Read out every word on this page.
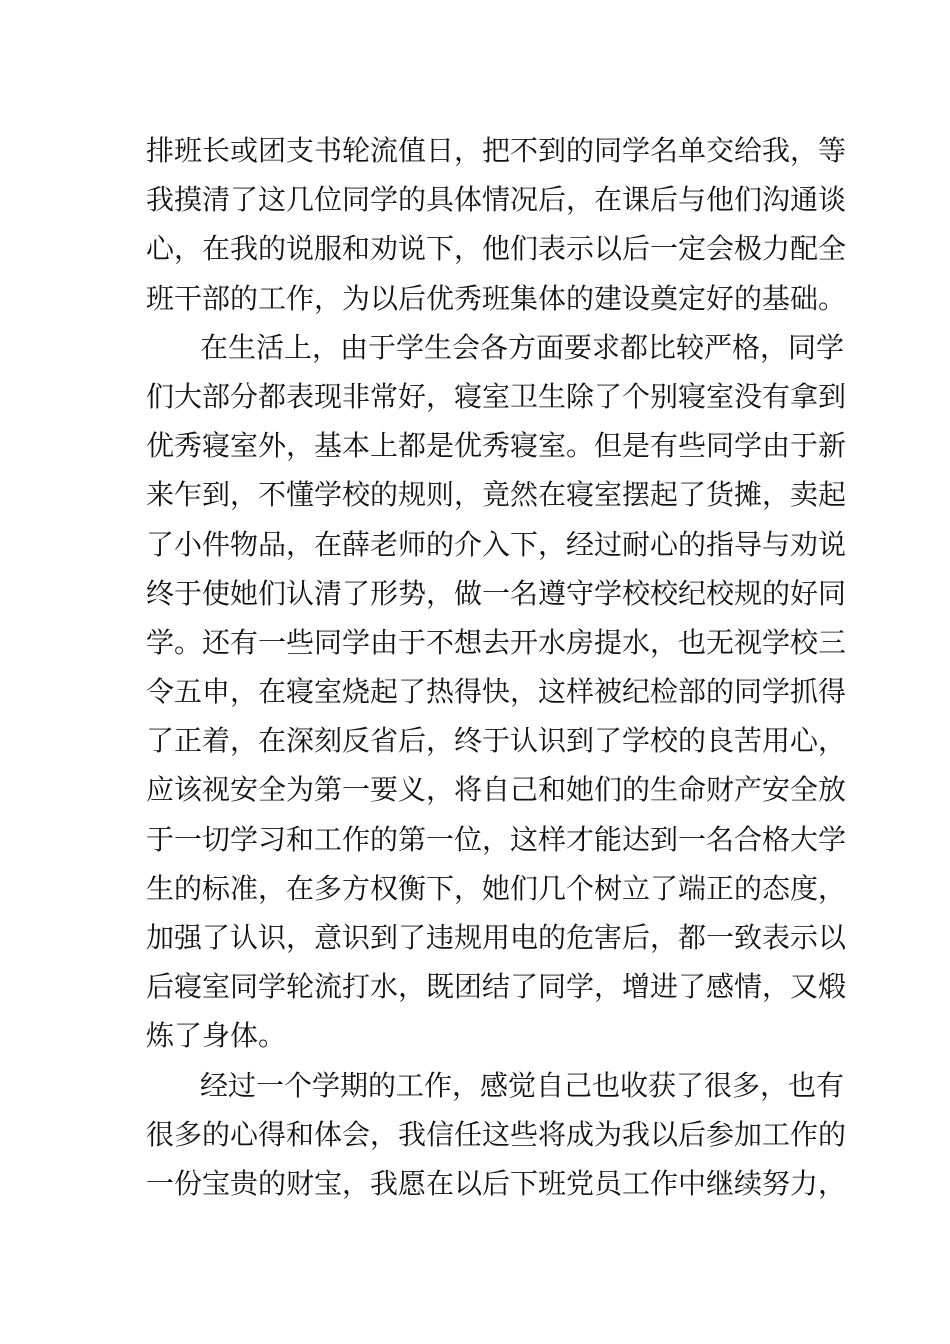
排班长或团支书轮流值日，把不到的同学名单交给我，等

我摸清了这几位同学的具体情况后，在课后与他们沟通谈

心，在我的说服和劝说下，他们表示以后一定会极力配全

班干部的工作，为以后优秀班集体的建设奠定好的基础。

在生活上，由于学生会各方面要求都比较严格，同学

们大部分都表现非常好，寝室卫生除了个别寝室没有拿到

优秀寝室外，基本上都是优秀寝室。但是有些同学由于新

来乍到，不懂学校的规则，竟然在寝室摆起了货摊，卖起

了小件物品，在薛老师的介入下，经过耐心的指导与劝说

终于使她们认清了形势，做一名遵守学校校纪校规的好同

学。还有一些同学由于不想去开水房提水，也无视学校三

令五申，在寝室烧起了热得快，这样被纪检部的同学抓得

了正着，在深刻反省后，终于认识到了学校的良苦用心，

应该视安全为第一要义，将自己和她们的生命财产安全放

于一切学习和工作的第一位，这样才能达到一名合格大学

生的标准，在多方权衡下，她们几个树立了端正的态度，

加强了认识，意识到了违规用电的危害后，都一致表示以

后寝室同学轮流打水，既团结了同学，增进了感情，又煅

炼了身体。

经过一个学期的工作，感觉自己也收获了很多，也有

很多的心得和体会，我信任这些将成为我以后参加工作的

一份宝贵的财宝，我愿在以后下班党员工作中继续努力，
